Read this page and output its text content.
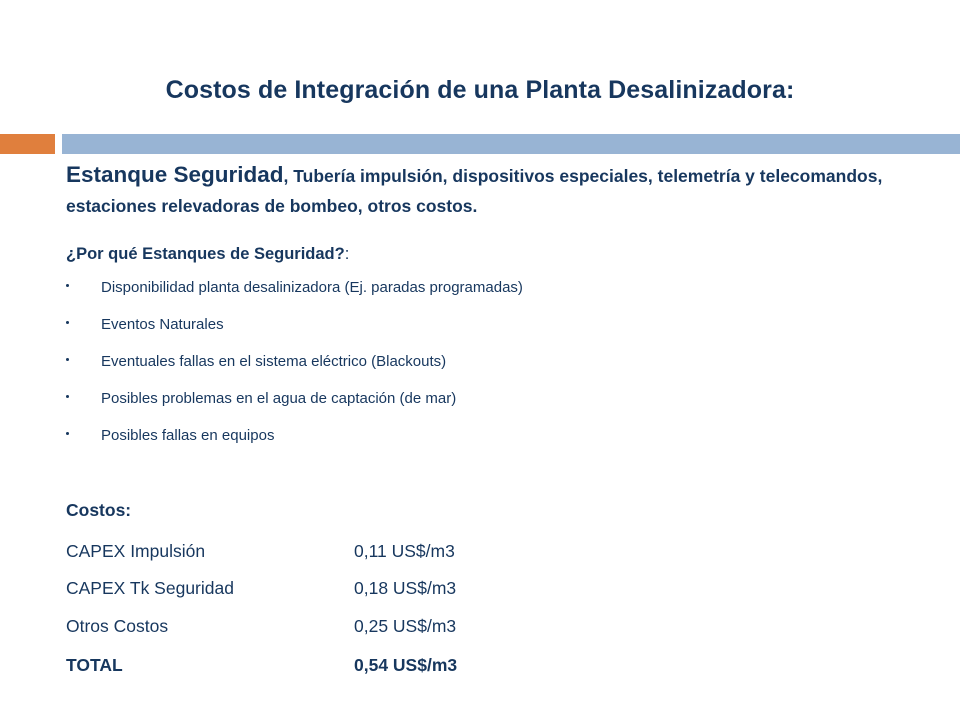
Costos de Integración de una Planta Desalinizadora:

Estanque Seguridad, Tubería impulsión, dispositivos especiales, telemetría y telecomandos, estaciones relevadoras de bombeo, otros costos.

¿Por qué Estanques de Seguridad?:
Disponibilidad planta desalinizadora (Ej. paradas programadas)
Eventos Naturales
Eventuales fallas en el sistema eléctrico (Blackouts)
Posibles problemas en el agua de captación (de mar)
Posibles fallas en equipos
Costos:
CAPEX Impulsión	0,11 US$/m3
CAPEX Tk Seguridad	0,18 US$/m3
Otros Costos	0,25 US$/m3
TOTAL	0,54 US$/m3
